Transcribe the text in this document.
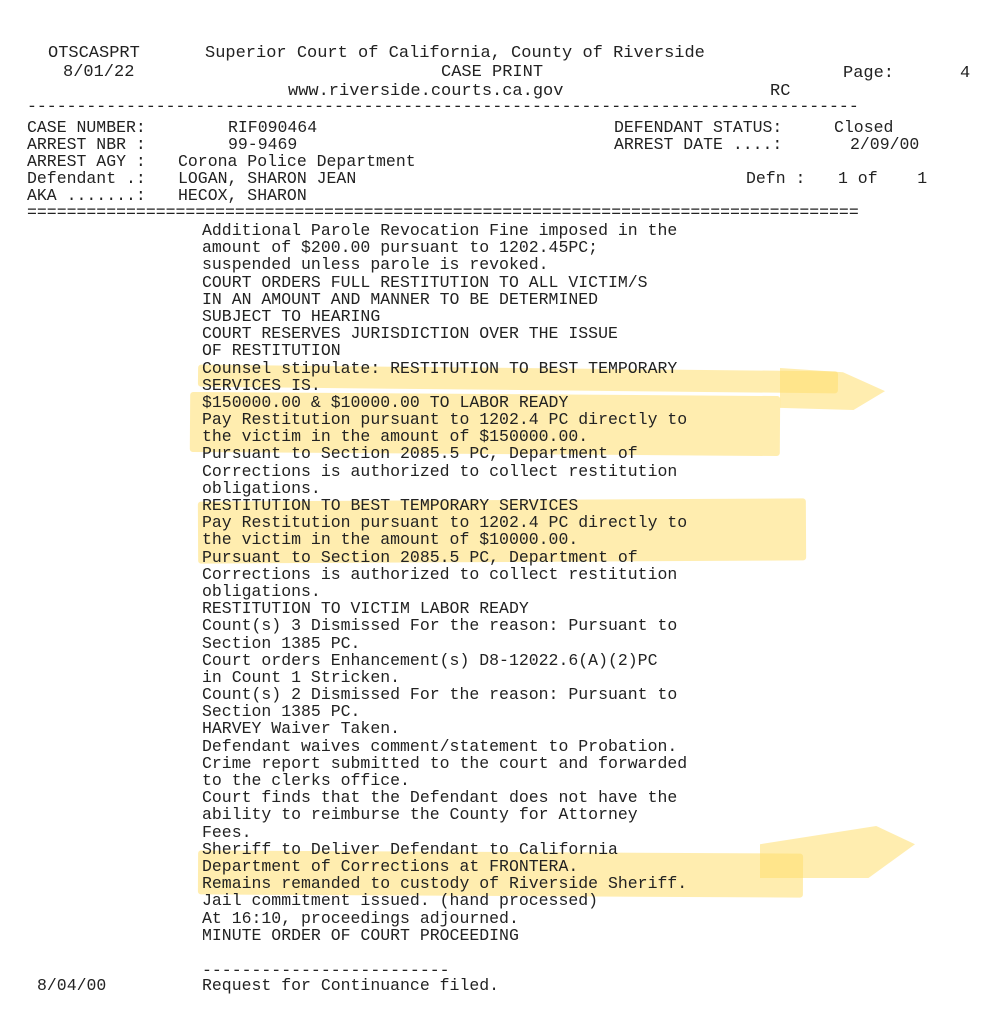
OTSCASPRT
8/01/22
Superior Court of California, County of Riverside
CASE PRINT
www.riverside.courts.ca.gov	RC
Page:	4
------------------------------------------------------------------------------------
CASE NUMBER:	RIF090464
ARREST NBR :	99-9469
ARREST AGY : Corona Police Department
Defendant .: LOGAN, SHARON JEAN
AKA .......: HECOX, SHARON
DEFENDANT STATUS:	Closed
ARREST DATE ....:	2/09/00
Defn : 1 of    1
====================================================================================
Additional Parole Revocation Fine imposed in the
amount of $200.00 pursuant to 1202.45PC;
suspended unless parole is revoked.
COURT ORDERS FULL RESTITUTION TO ALL VICTIM/S
IN AN AMOUNT AND MANNER TO BE DETERMINED
SUBJECT TO HEARING
COURT RESERVES JURISDICTION OVER THE ISSUE
OF RESTITUTION
Counsel stipulate: RESTITUTION TO BEST TEMPORARY
SERVICES IS.
$150000.00 & $10000.00 TO LABOR READY
Pay Restitution pursuant to 1202.4 PC directly to
the victim in the amount of $150000.00.
Pursuant to Section 2085.5 PC, Department of
Corrections is authorized to collect restitution
obligations.
RESTITUTION TO BEST TEMPORARY SERVICES
Pay Restitution pursuant to 1202.4 PC directly to
the victim in the amount of $10000.00.
Pursuant to Section 2085.5 PC, Department of
Corrections is authorized to collect restitution
obligations.
RESTITUTION TO VICTIM LABOR READY
Count(s) 3 Dismissed For the reason: Pursuant to
Section 1385 PC.
Court orders Enhancement(s) D8-12022.6(A)(2)PC
in Count 1 Stricken.
Count(s) 2 Dismissed For the reason: Pursuant to
Section 1385 PC.
HARVEY Waiver Taken.
Defendant waives comment/statement to Probation.
Crime report submitted to the court and forwarded
to the clerks office.
Court finds that the Defendant does not have the
ability to reimburse the County for Attorney
Fees.
Sheriff to Deliver Defendant to California
Department of Corrections at FRONTERA.
Remains remanded to custody of Riverside Sheriff.
Jail commitment issued. (hand processed)
At 16:10, proceedings adjourned.
MINUTE ORDER OF COURT PROCEEDING
-------------------------
8/04/00	Request for Continuance filed.
